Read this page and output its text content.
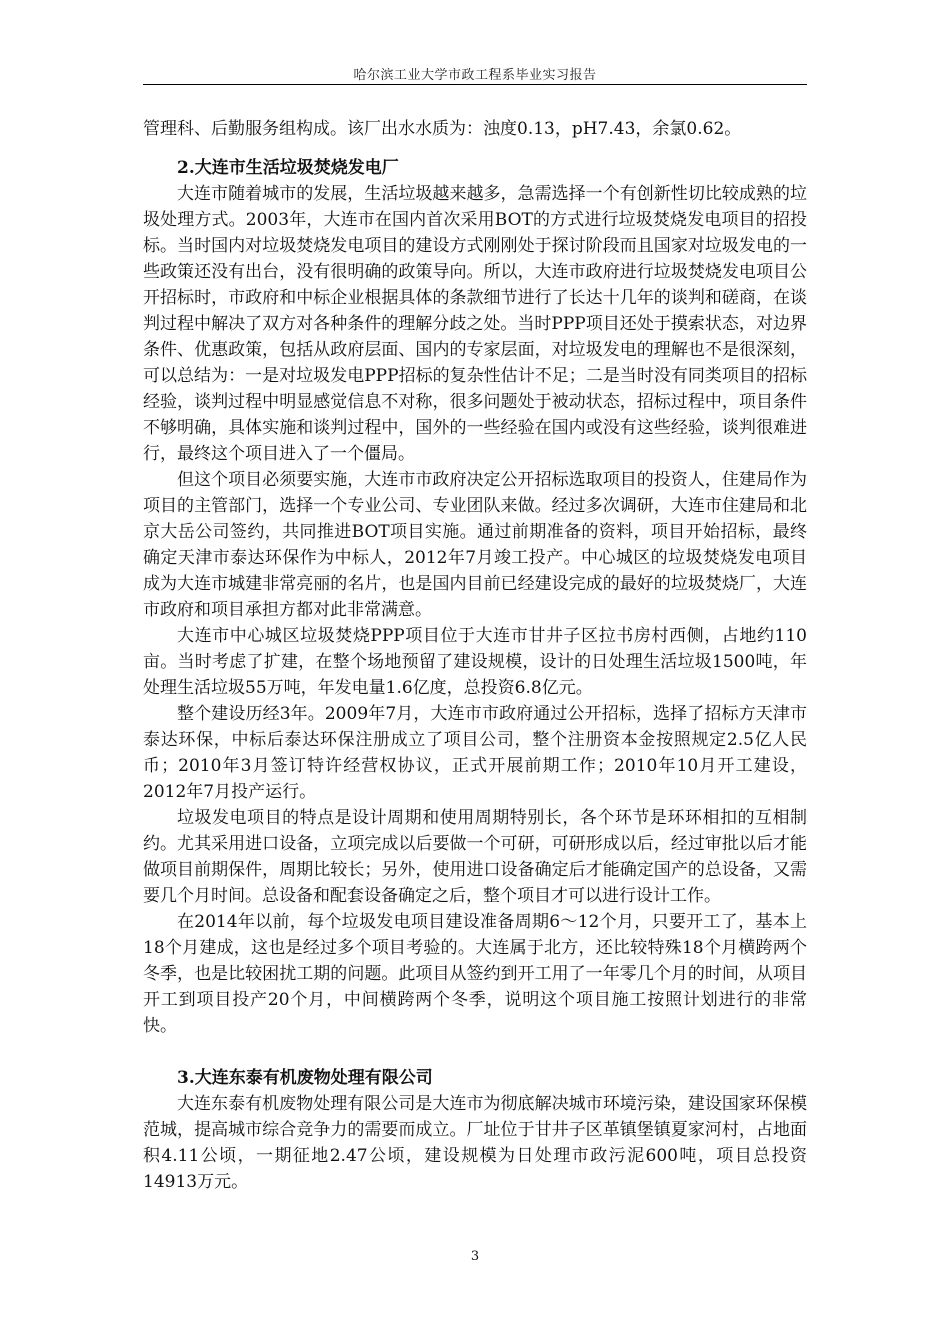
哈尔滨工业大学市政工程系毕业实习报告

管理科、后勤服务组构成。该厂出水水质为：浊度0.13，pH7.43，余氯0.62。

2.大连市生活垃圾焚烧发电厂

大连市随着城市的发展，生活垃圾越来越多，急需选择一个有创新性切比较成熟的垃圾处理方式。2003年，大连市在国内首次采用BOT的方式进行垃圾焚烧发电项目的招投标。当时国内对垃圾焚烧发电项目的建设方式刚刚处于探讨阶段而且国家对垃圾发电的一些政策还没有出台，没有很明确的政策导向。所以，大连市政府进行垃圾焚烧发电项目公开招标时，市政府和中标企业根据具体的条款细节进行了长达十几年的谈判和磋商，在谈判过程中解决了双方对各种条件的理解分歧之处。当时PPP项目还处于摸索状态，对边界条件、优惠政策，包括从政府层面、国内的专家层面，对垃圾发电的理解也不是很深刻，可以总结为：一是对垃圾发电PPP招标的复杂性估计不足；二是当时没有同类项目的招标经验，谈判过程中明显感觉信息不对称，很多问题处于被动状态，招标过程中，项目条件不够明确，具体实施和谈判过程中，国外的一些经验在国内或没有这些经验，谈判很难进行，最终这个项目进入了一个僵局。

但这个项目必须要实施，大连市市政府决定公开招标选取项目的投资人，住建局作为项目的主管部门，选择一个专业公司、专业团队来做。经过多次调研，大连市住建局和北京大岳公司签约，共同推进BOT项目实施。通过前期准备的资料，项目开始招标，最终确定天津市泰达环保作为中标人，2012年7月竣工投产。中心城区的垃圾焚烧发电项目成为大连市城建非常亮丽的名片，也是国内目前已经建设完成的最好的垃圾焚烧厂，大连市政府和项目承担方都对此非常满意。

大连市中心城区垃圾焚烧PPP项目位于大连市甘井子区拉书房村西侧，占地约110亩。当时考虑了扩建，在整个场地预留了建设规模，设计的日处理生活垃圾1500吨，年处理生活垃圾55万吨，年发电量1.6亿度，总投资6.8亿元。

整个建设历经3年。2009年7月，大连市市政府通过公开招标，选择了招标方天津市泰达环保，中标后泰达环保注册成立了项目公司，整个注册资本金按照规定2.5亿人民币；2010年3月签订特许经营权协议，正式开展前期工作；2010年10月开工建设，2012年7月投产运行。

垃圾发电项目的特点是设计周期和使用周期特别长，各个环节是环环相扣的互相制约。尤其采用进口设备，立项完成以后要做一个可研，可研形成以后，经过审批以后才能做项目前期保件，周期比较长；另外，使用进口设备确定后才能确定国产的总设备，又需要几个月时间。总设备和配套设备确定之后，整个项目才可以进行设计工作。

在2014年以前，每个垃圾发电项目建设准备周期6～12个月，只要开工了，基本上18个月建成，这也是经过多个项目考验的。大连属于北方，还比较特殊18个月横跨两个冬季，也是比较困扰工期的问题。此项目从签约到开工用了一年零几个月的时间，从项目开工到项目投产20个月，中间横跨两个冬季，说明这个项目施工按照计划进行的非常快。

3.大连东泰有机废物处理有限公司

大连东泰有机废物处理有限公司是大连市为彻底解决城市环境污染，建设国家环保模范城，提高城市综合竞争力的需要而成立。厂址位于甘井子区革镇堡镇夏家河村，占地面积4.11公顷，一期征地2.47公顷，建设规模为日处理市政污泥600吨，项目总投资14913万元。

3
